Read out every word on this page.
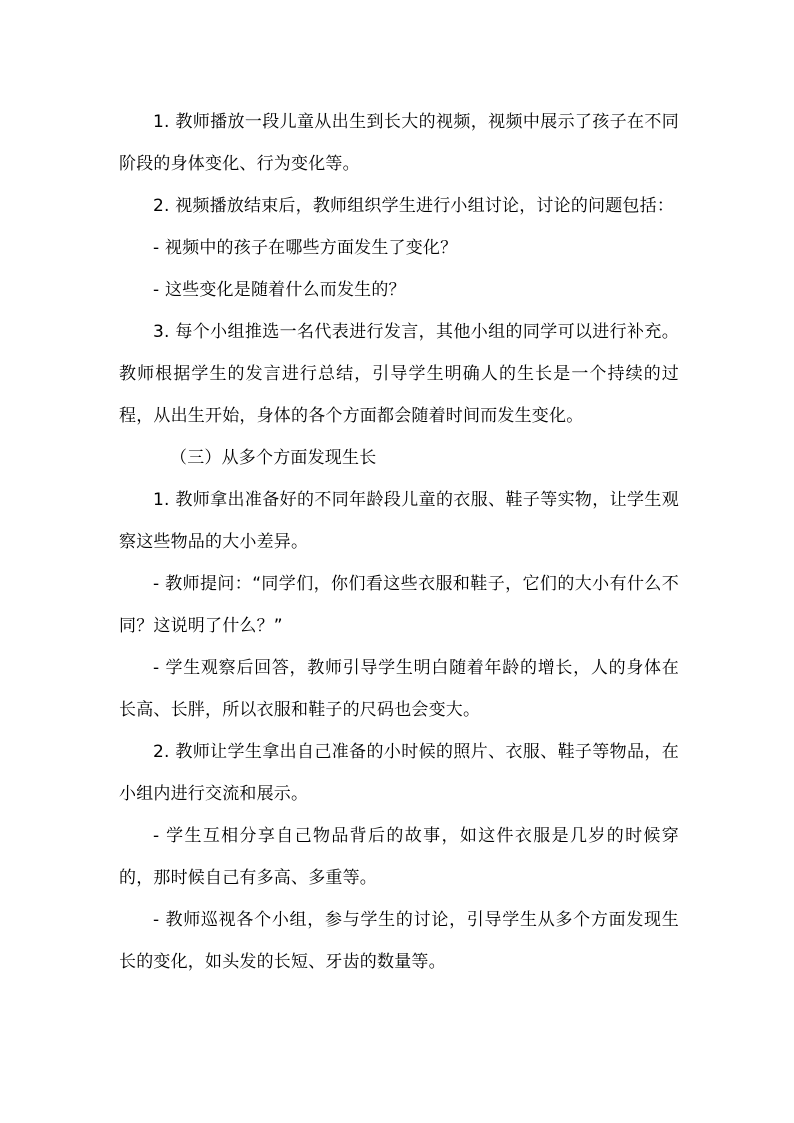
1. 教师播放一段儿童从出生到长大的视频，视频中展示了孩子在不同阶段的身体变化、行为变化等。

2. 视频播放结束后，教师组织学生进行小组讨论，讨论的问题包括：

- 视频中的孩子在哪些方面发生了变化？

- 这些变化是随着什么而发生的？

3. 每个小组推选一名代表进行发言，其他小组的同学可以进行补充。教师根据学生的发言进行总结，引导学生明确人的生长是一个持续的过程，从出生开始，身体的各个方面都会随着时间而发生变化。

（三）从多个方面发现生长

1. 教师拿出准备好的不同年龄段儿童的衣服、鞋子等实物，让学生观察这些物品的大小差异。

- 教师提问：“同学们，你们看这些衣服和鞋子，它们的大小有什么不同？这说明了什么？”

- 学生观察后回答，教师引导学生明白随着年龄的增长，人的身体在长高、长胖，所以衣服和鞋子的尺码也会变大。

2. 教师让学生拿出自己准备的小时候的照片、衣服、鞋子等物品，在小组内进行交流和展示。

- 学生互相分享自己物品背后的故事，如这件衣服是几岁的时候穿的，那时候自己有多高、多重等。

- 教师巡视各个小组，参与学生的讨论，引导学生从多个方面发现生长的变化，如头发的长短、牙齿的数量等。
